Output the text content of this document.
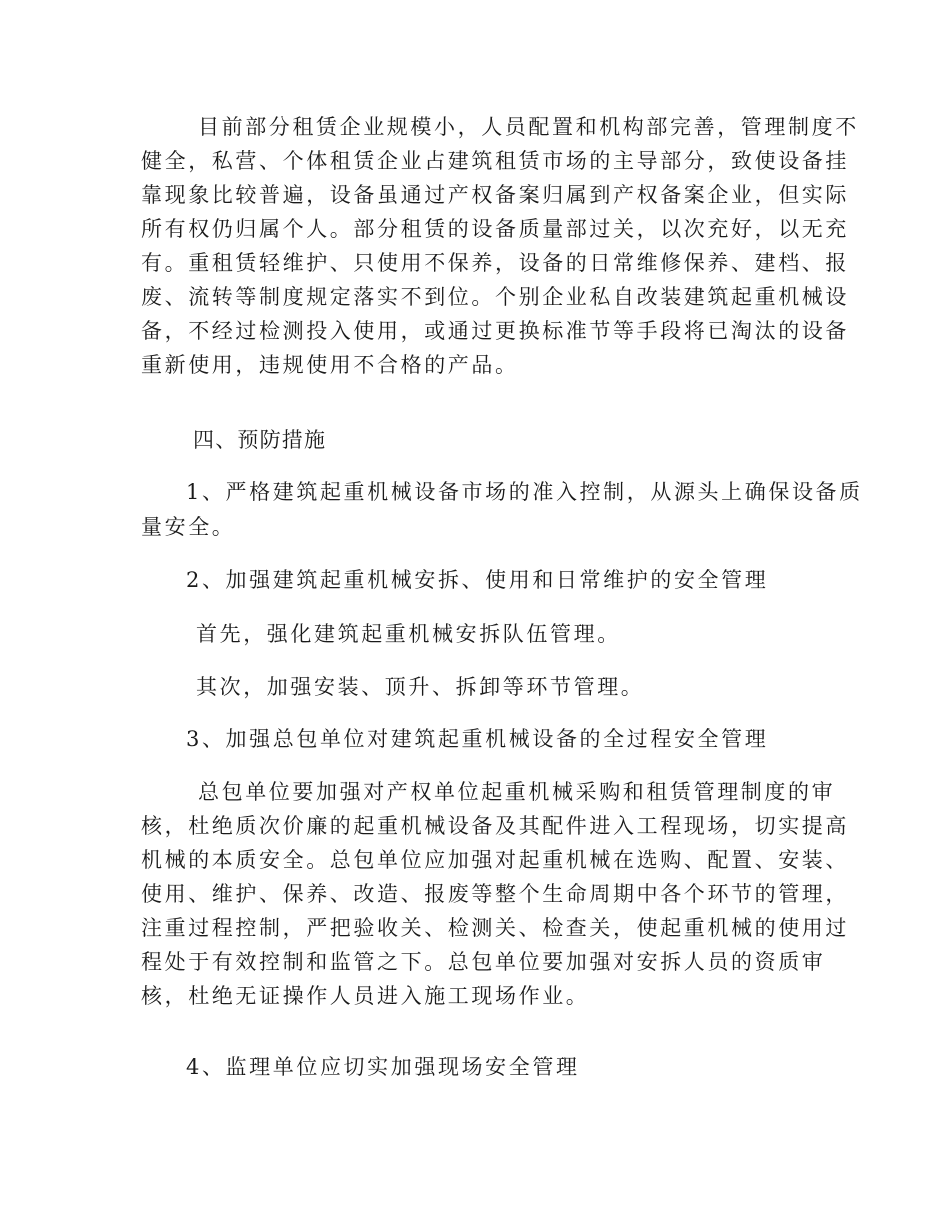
目前部分租赁企业规模小，人员配置和机构部完善，管理制度不
健全，私营、个体租赁企业占建筑租赁市场的主导部分，致使设备挂
靠现象比较普遍，设备虽通过产权备案归属到产权备案企业，但实际
所有权仍归属个人。部分租赁的设备质量部过关，以次充好，以无充
有。重租赁轻维护、只使用不保养，设备的日常维修保养、建档、报
废、流转等制度规定落实不到位。个别企业私自改装建筑起重机械设
备，不经过检测投入使用，或通过更换标准节等手段将已淘汰的设备
重新使用，违规使用不合格的产品。
四、预防措施
1、严格建筑起重机械设备市场的准入控制，从源头上确保设备质
量安全。
2、加强建筑起重机械安拆、使用和日常维护的安全管理
首先，强化建筑起重机械安拆队伍管理。
其次，加强安装、顶升、拆卸等环节管理。
3、加强总包单位对建筑起重机械设备的全过程安全管理
总包单位要加强对产权单位起重机械采购和租赁管理制度的审
核，杜绝质次价廉的起重机械设备及其配件进入工程现场，切实提高
机械的本质安全。总包单位应加强对起重机械在选购、配置、安装、
使用、维护、保养、改造、报废等整个生命周期中各个环节的管理，
注重过程控制，严把验收关、检测关、检查关，使起重机械的使用过
程处于有效控制和监管之下。总包单位要加强对安拆人员的资质审
核，杜绝无证操作人员进入施工现场作业。
4、监理单位应切实加强现场安全管理
